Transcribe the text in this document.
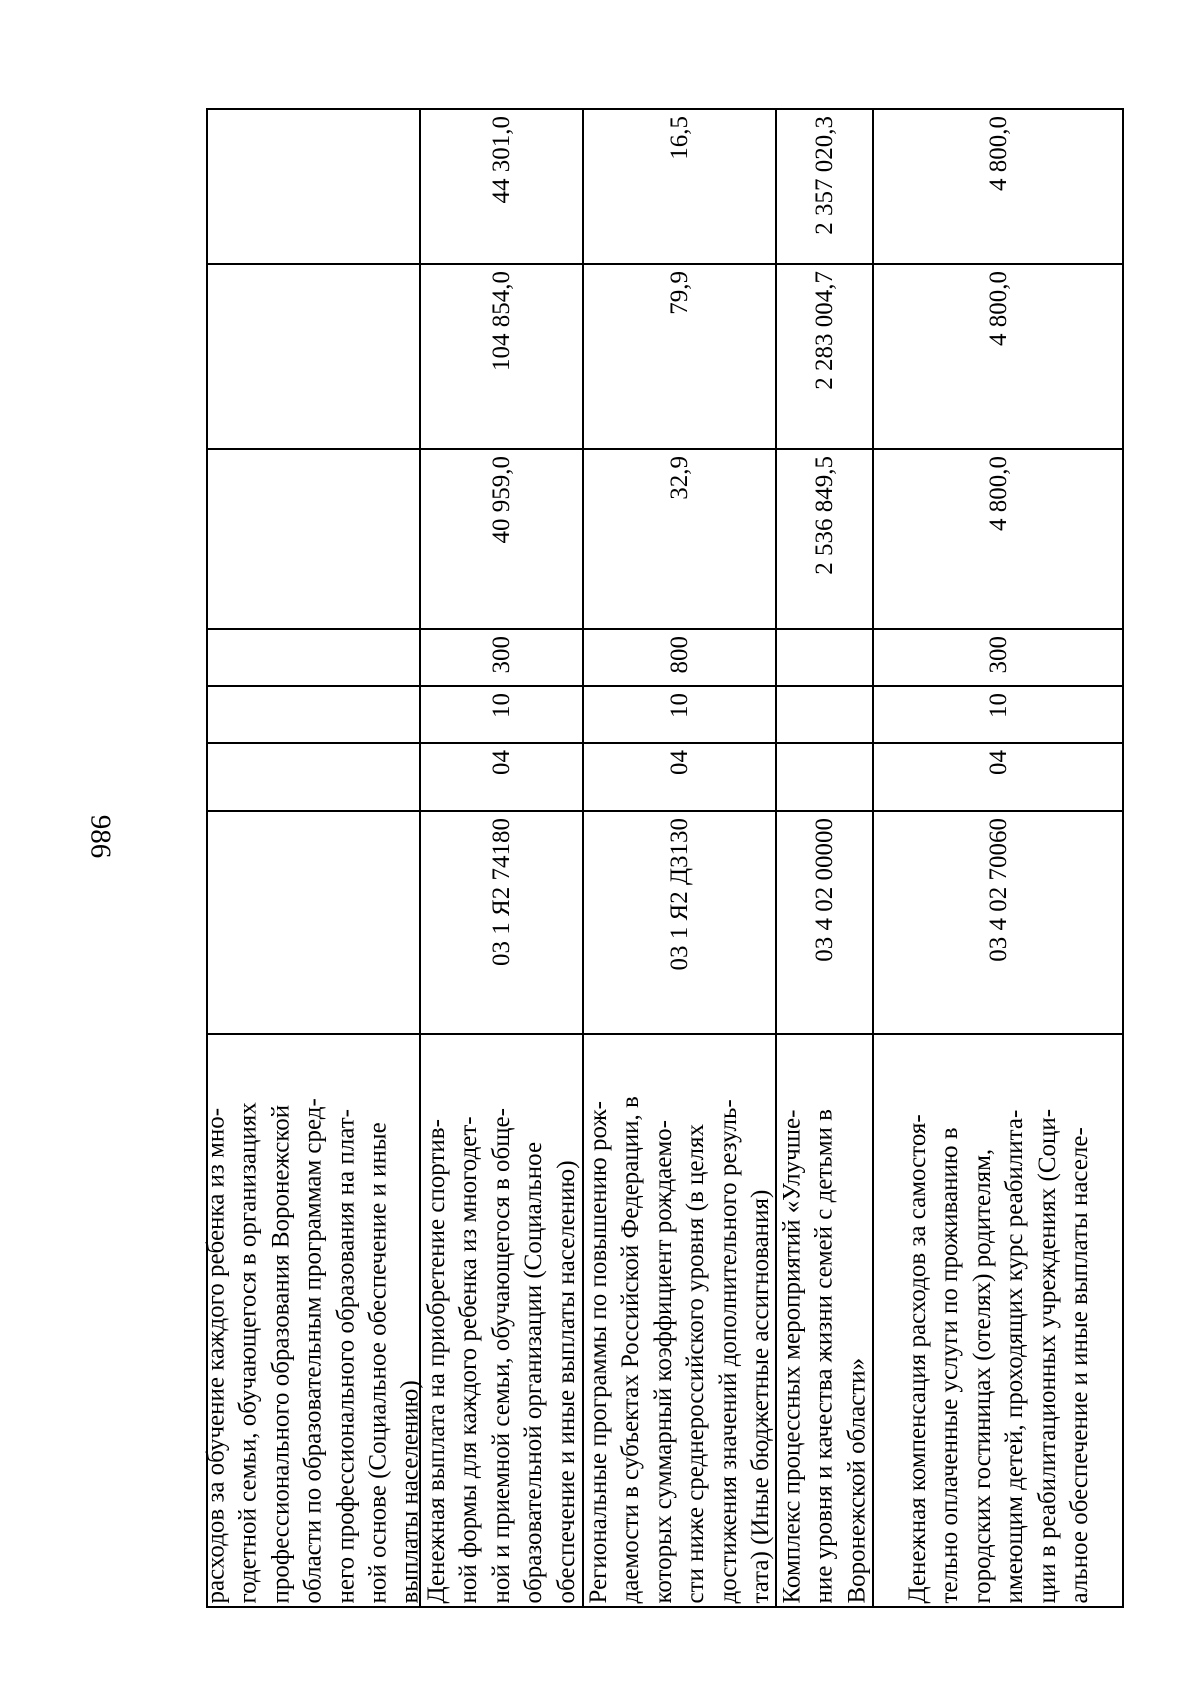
986
расходов за обучение каждого ребенка из мно- годетной семьи, обучающегося в организациях профессионального образования Воронежской области по образовательным программам сред- него профессионального образования на плат- ной основе (Социальное обеспечение и иные выплаты населению)
44 301,0
104 854,0
40 959,0
300
10
04
03 1 Я2 74180
Денежная выплата на приобретение спортив- ной формы для каждого ребенка из многодет- ной и приемной семьи, обучающегося в обще- образовательной организации (Социальное обеспечение и иные выплаты населению)
16,5
79,9
32,9
800
10
04
03 1 Я2 Д3130
Региональные программы по повышению рож- даемости в субъектах Российской Федерации, в которых суммарный коэффициент рождаемо- сти ниже среднероссийского уровня (в целях достижения значений дополнительного резуль- тата) (Иные бюджетные ассигнования)
2 357 020,3
2 283 004,7
2 536 849,5
03 4 02 00000
Комплекс процессных мероприятий «Улучше- ние уровня и качества жизни семей с детьми в Воронежской области»
4 800,0
4 800,0
4 800,0
300
10
04
03 4 02 70060
Денежная компенсация расходов за самостоя- тельно оплаченные услуги по проживанию в городских гостиницах (отелях) родителям, имеющим детей, проходящих курс реабилита- ции в реабилитационных учреждениях (Соци- альное обеспечение и иные выплаты населе-
